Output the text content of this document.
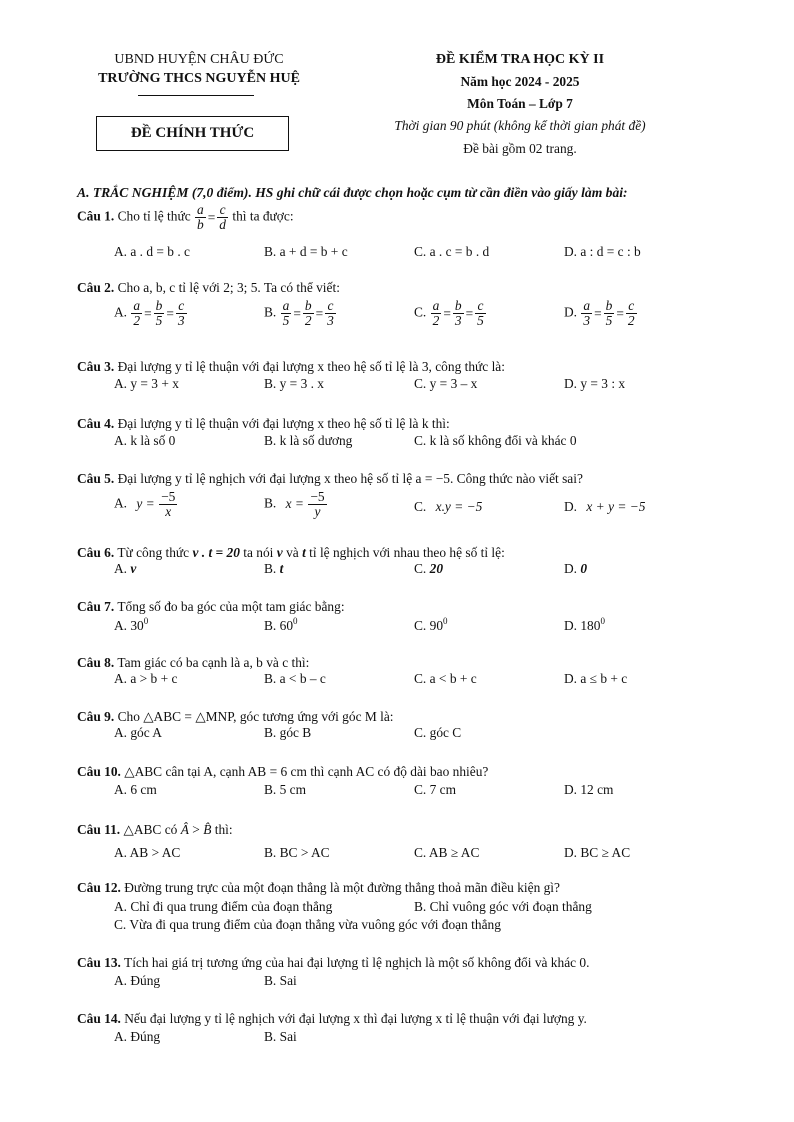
UBND HUYỆN CHÂU ĐỨC
TRƯỜNG THCS NGUYỄN HUỆ
ĐỀ CHÍNH THỨC
ĐỀ KIỂM TRA HỌC KỲ II
Năm học 2024 - 2025
Môn Toán – Lớp 7
Thời gian 90 phút (không kể thời gian phát đề)
Đề bài gồm 02 trang.
A. TRẮC NGHIỆM (7,0 điểm). HS ghi chữ cái được chọn hoặc cụm từ cần điền vào giấy làm bài:
Câu 1. Cho tỉ lệ thức $\frac{a}{b} = \frac{c}{d}$ thì ta được:
A. a . d = b . c	B. a + d = b + c	C. a . c = b . d	D. a : d = c : b
Câu 2. Cho a, b, c tỉ lệ với 2; 3; 5. Ta có thể viết:
A. $\frac{a}{2} = \frac{b}{5} = \frac{c}{3}$	B. $\frac{a}{5} = \frac{b}{2} = \frac{c}{3}$	C. $\frac{a}{2} = \frac{b}{3} = \frac{c}{5}$	D. $\frac{a}{3} = \frac{b}{5} = \frac{c}{2}$
Câu 3. Đại lượng y tỉ lệ thuận với đại lượng x theo hệ số tỉ lệ là 3, công thức là:
A. y = 3 + x	B. y = 3 . x	C. y = 3 – x	D. y = 3 : x
Câu 4. Đại lượng y tỉ lệ thuận với đại lượng x theo hệ số tỉ lệ là k thì:
A. k là số 0	B. k là số dương	C. k là số không đổi và khác 0
Câu 5. Đại lượng y tỉ lệ nghịch với đại lượng x theo hệ số tỉ lệ a = −5. Công thức nào viết sai?
A. $y = \frac{-5}{x}$	B. $x = \frac{-5}{y}$	C. x.y = −5	D. x + y = −5
Câu 6. Từ công thức v . t = 20 ta nói v và t tỉ lệ nghịch với nhau theo hệ số tỉ lệ:
A. v	B. t	C. 20	D. 0
Câu 7. Tổng số đo ba góc của một tam giác bằng:
A. $30^0$	B. $60^0$	C. $90^0$	D. $180^0$
Câu 8. Tam giác có ba cạnh là a, b và c thì:
A. a > b + c	B. a < b – c	C. a < b + c	D. a ≤ b + c
Câu 9. Cho △ABC = △MNP, góc tương ứng với góc M là:
A. góc A	B. góc B	C. góc C
Câu 10. △ABC cân tại A, cạnh AB = 6 cm thì cạnh AC có độ dài bao nhiêu?
A. 6 cm	B. 5 cm	C. 7 cm	D. 12 cm
Câu 11. △ABC có Â > B̂ thì:
A. AB > AC	B. BC > AC	C. AB ≥ AC	D. BC ≥ AC
Câu 12. Đường trung trực của một đoạn thẳng là một đường thẳng thoả mãn điều kiện gì?
A. Chỉ đi qua trung điểm của đoạn thẳng	B. Chỉ vuông góc với đoạn thẳng
C. Vừa đi qua trung điểm của đoạn thẳng vừa vuông góc với đoạn thẳng
Câu 13. Tích hai giá trị tương ứng của hai đại lượng tỉ lệ nghịch là một số không đổi và khác 0.
A. Đúng	B. Sai
Câu 14. Nếu đại lượng y tỉ lệ nghịch với đại lượng x thì đại lượng x tỉ lệ thuận với đại lượng y.
A. Đúng	B. Sai
